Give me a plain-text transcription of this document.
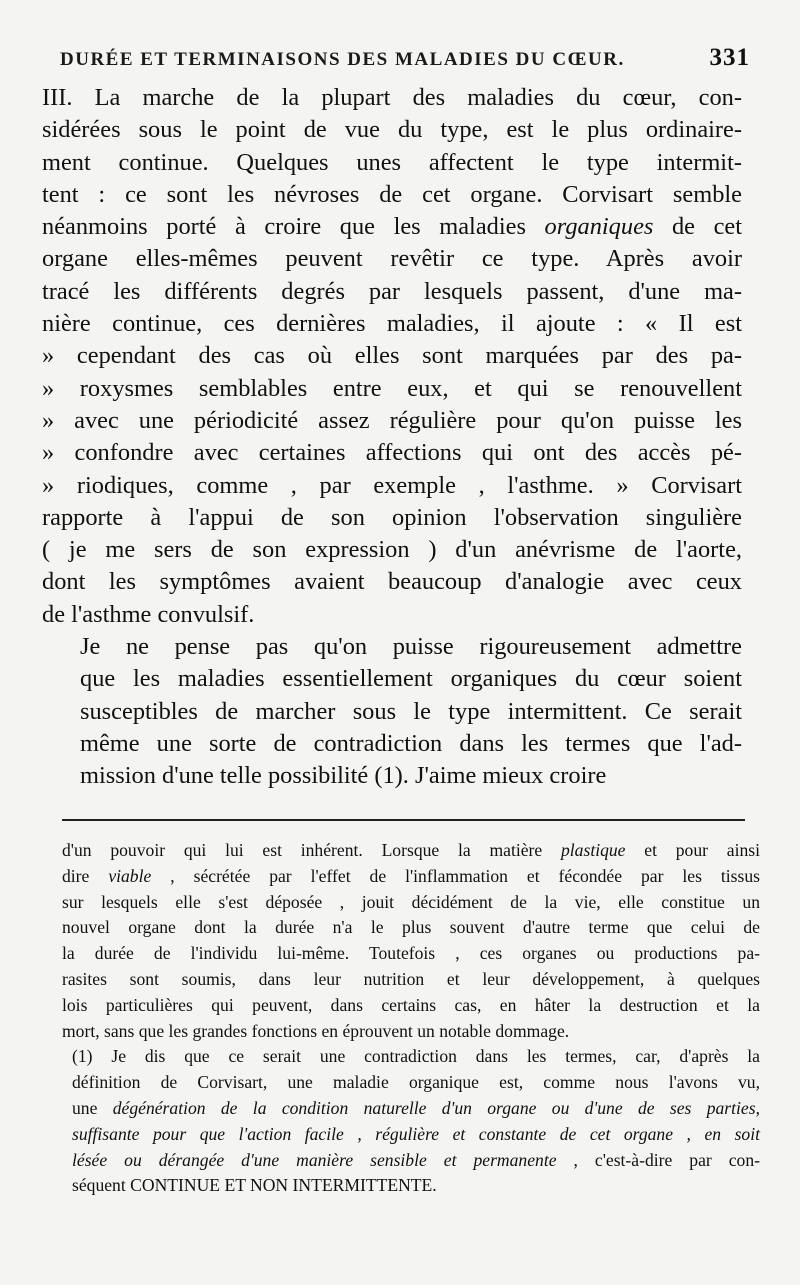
DURÉE ET TERMINAISONS DES MALADIES DU CŒUR.	331

III. La marche de la plupart des maladies du cœur, con-
sidérées sous le point de vue du type, est le plus ordinaire-
ment continue. Quelques unes affectent le type intermit-
tent : ce sont les névroses de cet organe. Corvisart semble
néanmoins porté à croire que les maladies organiques de cet
organe elles-mêmes peuvent revêtir ce type. Après avoir
tracé les différents degrés par lesquels passent, d'une ma-
nière continue, ces dernières maladies, il ajoute : « Il est
» cependant des cas où elles sont marquées par des pa-
» roxysmes semblables entre eux, et qui se renouvellent
» avec une périodicité assez régulière pour qu'on puisse les
» confondre avec certaines affections qui ont des accès pé-
» riodiques, comme , par exemple , l'asthme. » Corvisart
rapporte à l'appui de son opinion l'observation singulière
( je me sers de son expression ) d'un anévrisme de l'aorte,
dont les symptômes avaient beaucoup d'analogie avec ceux
de l'asthme convulsif.

Je ne pense pas qu'on puisse rigoureusement admettre
que les maladies essentiellement organiques du cœur soient
susceptibles de marcher sous le type intermittent. Ce serait
même une sorte de contradiction dans les termes que l'ad-
mission d'une telle possibilité (1). J'aime mieux croire

d'un pouvoir qui lui est inhérent. Lorsque la matière plastique et pour ainsi
dire viable , sécrétée par l'effet de l'inflammation et fécondée par les tissus
sur lesquels elle s'est déposée , jouit décidément de la vie, elle constitue un
nouvel organe dont la durée n'a le plus souvent d'autre terme que celui de
la durée de l'individu lui-même. Toutefois , ces organes ou productions pa-
rasites sont soumis, dans leur nutrition et leur développement, à quelques
lois particulières qui peuvent, dans certains cas, en hâter la destruction et la
mort, sans que les grandes fonctions en éprouvent un notable dommage.
(1) Je dis que ce serait une contradiction dans les termes, car, d'après la
définition de Corvisart, une maladie organique est, comme nous l'avons vu,
une dégénération de la condition naturelle d'un organe ou d'une de ses parties,
suffisante pour que l'action facile , régulière et constante de cet organe , en soit
lésée ou dérangée d'une manière sensible et permanente , c'est-à-dire par con-
séquent CONTINUE ET NON INTERMITTENTE.
